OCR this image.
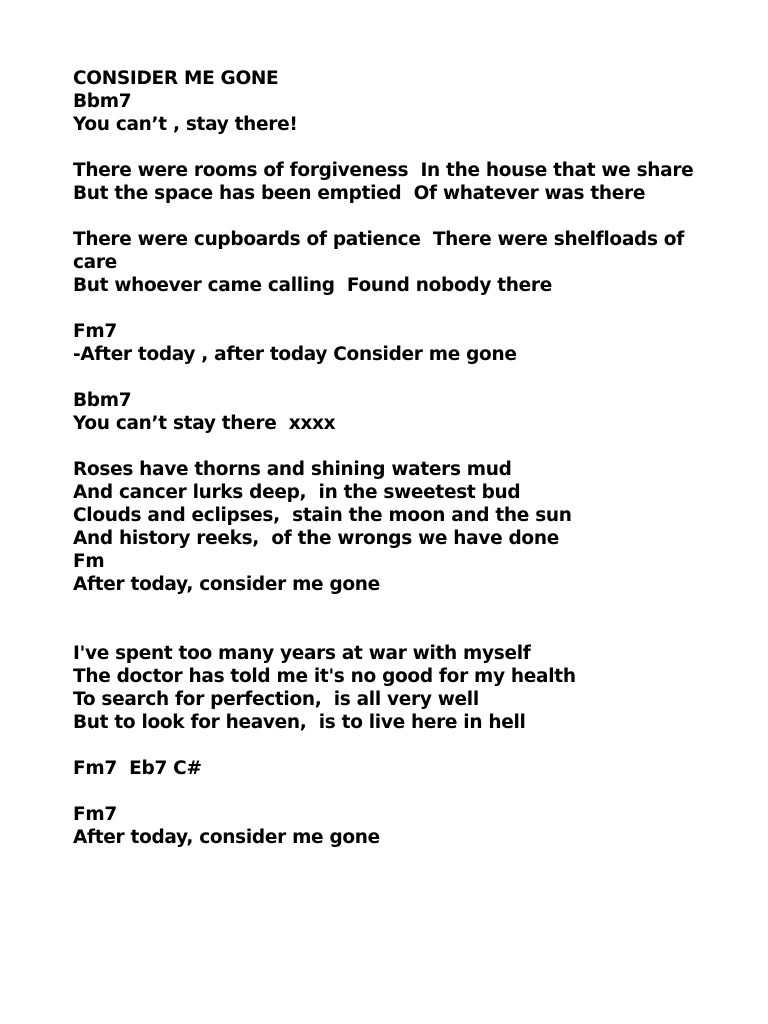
CONSIDER ME GONE
Bbm7
You can’t , stay there!
There were rooms of forgiveness  In the house that we share
But the space has been emptied  Of whatever was there
There were cupboards of patience  There were shelfloads of care
But whoever came calling  Found nobody there
Fm7
-After today , after today Consider me gone
Bbm7
You can’t stay there  xxxx
Roses have thorns and shining waters mud
And cancer lurks deep,  in the sweetest bud
Clouds and eclipses,  stain the moon and the sun
And history reeks,  of the wrongs we have done
Fm
After today, consider me gone
I've spent too many years at war with myself
The doctor has told me it's no good for my health
To search for perfection,  is all very well
But to look for heaven,  is to live here in hell
Fm7  Eb7 C#
Fm7
After today, consider me gone
